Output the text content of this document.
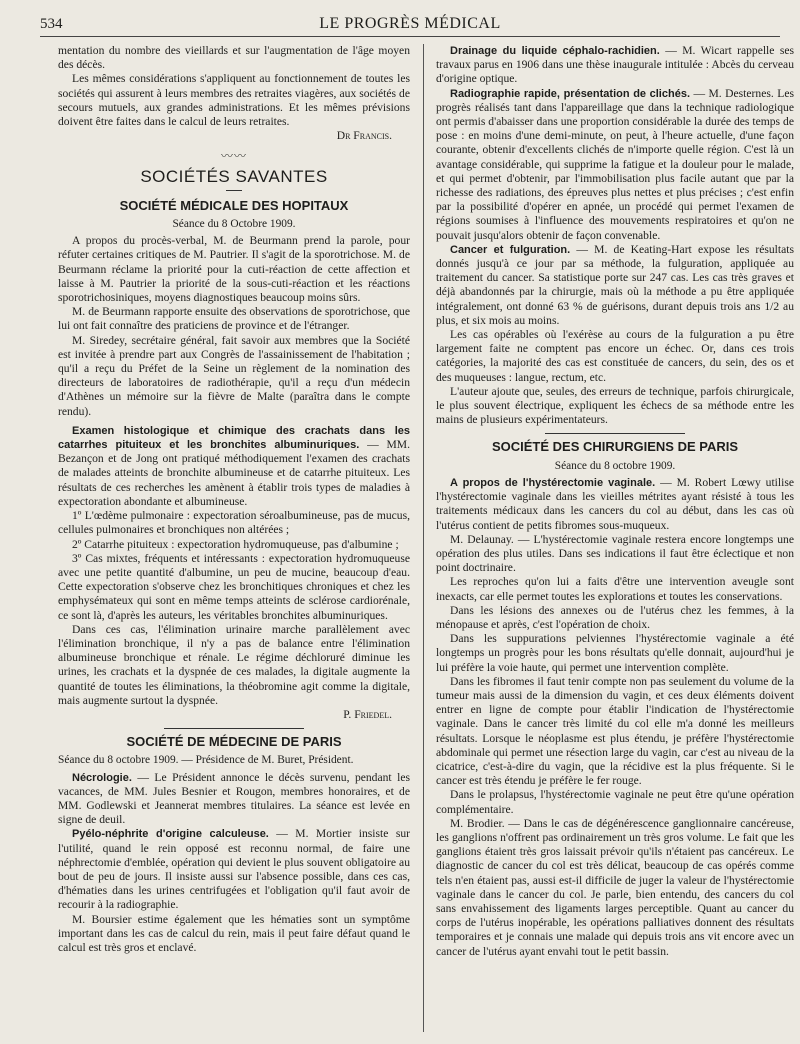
534	LE PROGRÈS MÉDICAL

mentation du nombre des vieillards et sur l'augmentation de l'âge moyen des décès.

Les mêmes considérations s'appliquent au fonctionnement de toutes les sociétés qui assurent à leurs membres des retraites viagères, aux sociétés de secours mutuels, aux grandes administrations. Et les mêmes prévisions doivent être faites dans le calcul de leurs retraites.

Dr Francis.
〰〰
SOCIÉTÉS SAVANTES
SOCIÉTÉ MÉDICALE DES HOPITAUX
Séance du 8 Octobre 1909.

A propos du procès-verbal, M. de Beurmann prend la parole, pour réfuter certaines critiques de M. Pautrier. Il s'agit de la sporotrichose. M. de Beurmann réclame la priorité pour la cuti-réaction de cette affection et laisse à M. Pautrier la priorité de la sous-cuti-réaction et les réactions sporotrichosiniques, moyens diagnostiques beaucoup moins sûrs.

M. de Beurmann rapporte ensuite des observations de sporotrichose, que lui ont fait connaître des praticiens de province et de l'étranger.

M. Siredey, secrétaire général, fait savoir aux membres que la Société est invitée à prendre part aux Congrès de l'assainissement de l'habitation ; qu'il a reçu du Préfet de la Seine un règlement de la nomination des directeurs de laboratoires de radiothérapie, qu'il a reçu d'un médecin d'Athènes un mémoire sur la fièvre de Malte (paraîtra dans le compte rendu).

Examen histologique et chimique des crachats dans les catarrhes pituiteux et les bronchites albuminuriques. — MM. Bezançon et de Jong ont pratiqué méthodiquement l'examen des crachats de malades atteints de bronchite albumineuse et de catarrhe pituiteux. Les résultats de ces recherches les amènent à établir trois types de maladies à expectoration abondante et albumineuse.

1º L'œdème pulmonaire : expectoration séroalbumineuse, pas de mucus, cellules pulmonaires et bronchiques non altérées ;

2º Catarrhe pituiteux : expectoration hydromuqueuse, pas d'albumine ;

3º Cas mixtes, fréquents et intéressants : expectoration hydromuqueuse avec une petite quantité d'albumine, un peu de mucine, beaucoup d'eau. Cette expectoration s'observe chez les bronchitiques chroniques et chez les emphysémateux qui sont en même temps atteints de sclérose cardiorénale, ce sont là, d'après les auteurs, les véritables bronchites albuminuriques.

Dans ces cas, l'élimination urinaire marche parallèlement avec l'élimination bronchique, il n'y a pas de balance entre l'élimination albumineuse bronchique et rénale. Le régime déchloruré diminue les urines, les crachats et la dyspnée de ces malades, la digitale augmente la quantité de toutes les éliminations, la théobromine agit comme la digitale, mais augmente surtout la dyspnée.

P. Friedel.
SOCIÉTÉ DE MÉDECINE DE PARIS
Séance du 8 octobre 1909. — Présidence de M. Buret, Président.

Nécrologie. — Le Président annonce le décès survenu, pendant les vacances, de MM. Jules Besnier et Rougon, membres honoraires, et de MM. Godlewski et Jeannerat membres titulaires. La séance est levée en signe de deuil.

Pyélo-néphrite d'origine calculeuse. — M. Mortier insiste sur l'utilité, quand le rein opposé est reconnu normal, de faire une néphrectomie d'emblée, opération qui devient le plus souvent obligatoire au bout de peu de jours. Il insiste aussi sur l'absence possible, dans ces cas, d'hématies dans les urines centrifugées et l'obligation qu'il faut avoir de recourir à la radiographie.

M. Boursier estime également que les hématies sont un symptôme important dans les cas de calcul du rein, mais il peut faire défaut quand le calcul est très gros et enclavé.

Drainage du liquide céphalo-rachidien. — M. Wicart rappelle ses travaux parus en 1906 dans une thèse inaugurale intitulée : Abcès du cerveau d'origine optique.

Radiographie rapide, présentation de clichés. — M. Desternes. Les progrès réalisés tant dans l'appareillage que dans la technique radiologique ont permis d'abaisser dans une proportion considérable la durée des temps de pose : en moins d'une demi-minute, on peut, à l'heure actuelle, d'une façon courante, obtenir d'excellents clichés de n'importe quelle région. C'est là un avantage considérable, qui supprime la fatigue et la douleur pour le malade, et qui permet d'obtenir, par l'immobilisation plus facile autant que par la richesse des radiations, des épreuves plus nettes et plus précises ; c'est enfin par la possibilité d'opérer en apnée, un procédé qui permet l'examen de régions soumises à l'influence des mouvements respiratoires et qu'on ne pouvait jusqu'alors obtenir de façon convenable.

Cancer et fulguration. — M. de Keating-Hart expose les résultats donnés jusqu'à ce jour par sa méthode, la fulguration, appliquée au traitement du cancer. Sa statistique porte sur 247 cas. Les cas très graves et déjà abandonnés par la chirurgie, mais où la méthode a pu être appliquée intégralement, ont donné 63 % de guérisons, durant depuis trois ans 1/2 au plus, et six mois au moins.

Les cas opérables où l'exérèse au cours de la fulguration a pu être largement faite ne comptent pas encore un échec. Or, dans ces trois catégories, la majorité des cas est constituée de cancers, du sein, des os et des muqueuses : langue, rectum, etc.

L'auteur ajoute que, seules, des erreurs de technique, parfois chirurgicale, le plus souvent électrique, expliquent les échecs de sa méthode entre les mains de plusieurs expérimentateurs.

SOCIÉTÉ DES CHIRURGIENS DE PARIS
Séance du 8 octobre 1909.

A propos de l'hystérectomie vaginale. — M. Robert Lœwy utilise l'hystérectomie vaginale dans les vieilles métrites ayant résisté à tous les traitements médicaux dans les cancers du col au début, dans les cas où l'utérus contient de petits fibromes sous-muqueux.

M. Delaunay. — L'hystérectomie vaginale restera encore longtemps une opération des plus utiles. Dans ses indications il faut être éclectique et non point doctrinaire.

Les reproches qu'on lui a faits d'être une intervention aveugle sont inexacts, car elle permet toutes les explorations et toutes les conservations.

Dans les lésions des annexes ou de l'utérus chez les femmes, à la ménopause et après, c'est l'opération de choix.

Dans les suppurations pelviennes l'hystérectomie vaginale a été longtemps un progrès pour les bons résultats qu'elle donnait, aujourd'hui je lui préfère la voie haute, qui permet une intervention complète.

Dans les fibromes il faut tenir compte non pas seulement du volume de la tumeur mais aussi de la dimension du vagin, et ces deux éléments doivent entrer en ligne de compte pour établir l'indication de l'hystérectomie vaginale. Dans le cancer très limité du col elle m'a donné les meilleurs résultats. Lorsque le néoplasme est plus étendu, je préfère l'hystérectomie abdominale qui permet une résection large du vagin, car c'est au niveau de la cicatrice, c'est-à-dire du vagin, que la récidive est la plus fréquente. Si le cancer est très étendu je préfère le fer rouge.

Dans le prolapsus, l'hystérectomie vaginale ne peut être qu'une opération complémentaire.

M. Brodier. — Dans le cas de dégénérescence ganglionnaire cancéreuse, les ganglions n'offrent pas ordinairement un très gros volume. Le fait que les ganglions étaient très gros laissait prévoir qu'ils n'étaient pas cancéreux. Le diagnostic de cancer du col est très délicat, beaucoup de cas opérés comme tels n'en étaient pas, aussi est-il difficile de juger la valeur de l'hystérectomie vaginale dans le cancer du col. Je parle, bien entendu, des cancers du col sans envahissement des ligaments larges perceptible. Quant au cancer du corps de l'utérus inopérable, les opérations palliatives donnent des résultats temporaires et je connais une malade qui depuis trois ans vit encore avec un cancer de l'utérus ayant envahi tout le petit bassin.
